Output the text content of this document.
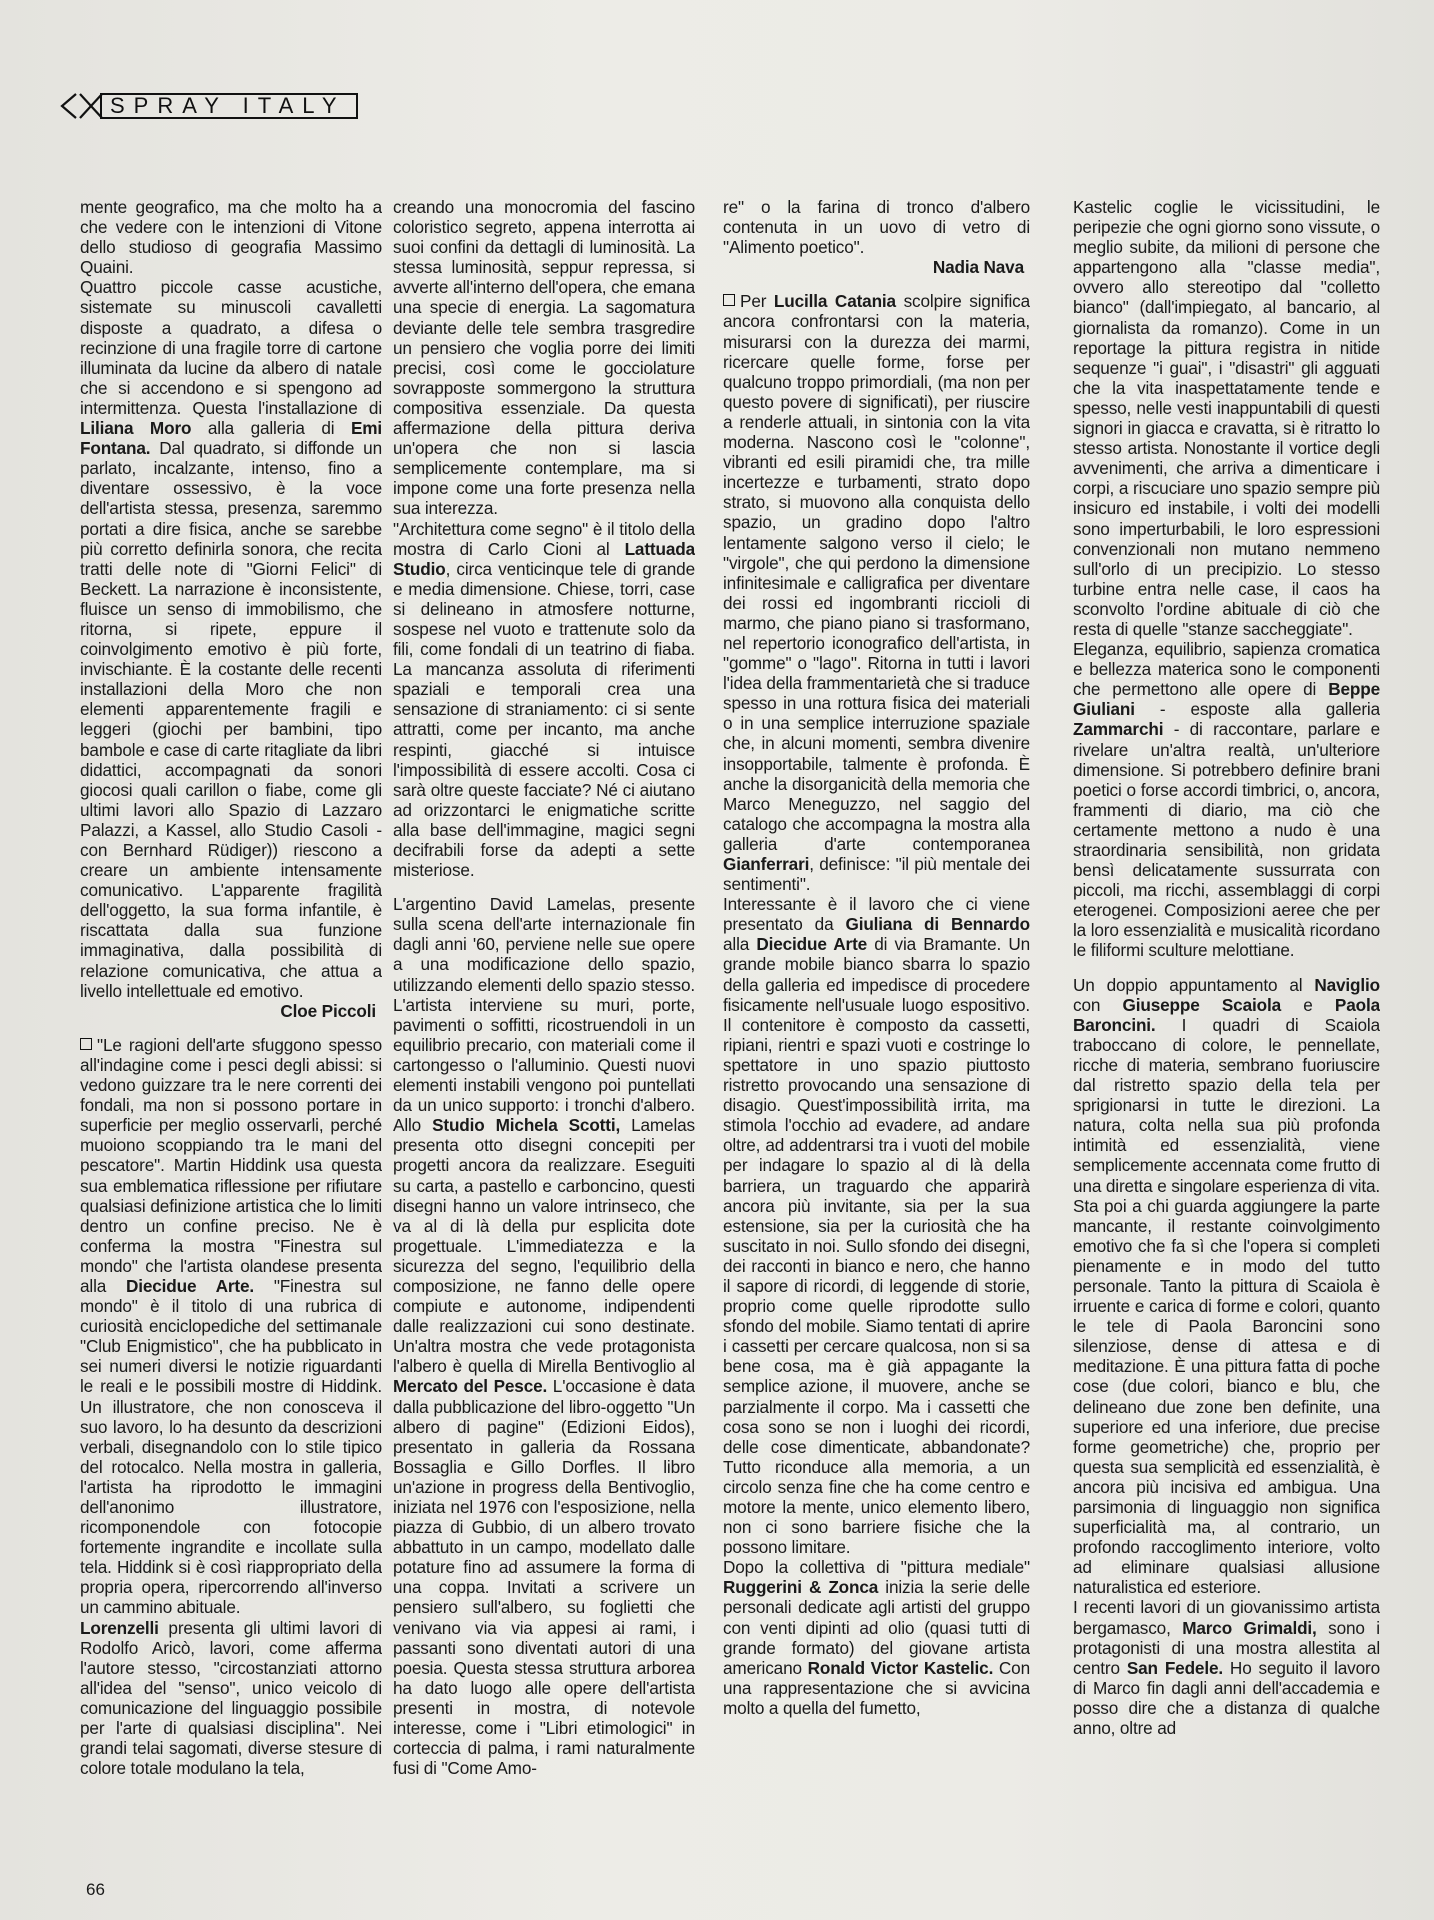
SPRAY ITALY

mente geografico, ma che molto ha a che vedere con le intenzioni di Vitone dello studioso di geografia Massimo Quaini.

Quattro piccole casse acustiche, sistemate su minuscoli cavalletti disposte a quadrato, a difesa o recinzione di una fragile torre di cartone illuminata da lucine da albero di natale che si accendono e si spengono ad intermittenza. Questa l'installazione di Liliana Moro alla galleria di Emi Fontana. Dal quadrato, si diffonde un parlato, incalzante, intenso, fino a diventare ossessivo, è la voce dell'artista stessa, presenza, saremmo portati a dire fisica, anche se sarebbe più corretto definirla sonora, che recita tratti delle note di "Giorni Felici" di Beckett. La narrazione è inconsistente, fluisce un senso di immobilismo, che ritorna, si ripete, eppure il coinvolgimento emotivo è più forte, invischiante. È la costante delle recenti installazioni della Moro che non elementi apparentemente fragili e leggeri (giochi per bambini, tipo bambole e case di carte ritagliate da libri didattici, accompagnati da sonori giocosi quali carillon o fiabe, come gli ultimi lavori allo Spazio di Lazzaro Palazzi, a Kassel, allo Studio Casoli - con Bernhard Rüdiger)) riescono a creare un ambiente intensamente comunicativo. L'apparente fragilità dell'oggetto, la sua forma infantile, è riscattata dalla sua funzione immaginativa, dalla possibilità di relazione comunicativa, che attua a livello intellettuale ed emotivo.

Cloe Piccoli

"Le ragioni dell'arte sfuggono spesso all'indagine come i pesci degli abissi: si vedono guizzare tra le nere correnti dei fondali, ma non si possono portare in superficie per meglio osservarli, perché muoiono scoppiando tra le mani del pescatore". Martin Hiddink usa questa sua emblematica riflessione per rifiutare qualsiasi definizione artistica che lo limiti dentro un confine preciso. Ne è conferma la mostra "Finestra sul mondo" che l'artista olandese presenta alla Diecidue Arte. "Finestra sul mondo" è il titolo di una rubrica di curiosità enciclopediche del settimanale "Club Enigmistico", che ha pubblicato in sei numeri diversi le notizie riguardanti le reali e le possibili mostre di Hiddink. Un illustratore, che non conosceva il suo lavoro, lo ha desunto da descrizioni verbali, disegnandolo con lo stile tipico del rotocalco. Nella mostra in galleria, l'artista ha riprodotto le immagini dell'anonimo illustratore, ricomponendole con fotocopie fortemente ingrandite e incollate sulla tela. Hiddink si è così riappropriato della propria opera, ripercorrendo all'inverso un cammino abituale.

Lorenzelli presenta gli ultimi lavori di Rodolfo Aricò, lavori, come afferma l'autore stesso, "circostanziati attorno all'idea del "senso", unico veicolo di comunicazione del linguaggio possibile per l'arte di qualsiasi disciplina". Nei grandi telai sagomati, diverse stesure di colore totale modulano la tela,

creando una monocromia del fascino coloristico segreto, appena interrotta ai suoi confini da dettagli di luminosità. La stessa luminosità, seppur repressa, si avverte all'interno dell'opera, che emana una specie di energia. La sagomatura deviante delle tele sembra trasgredire un pensiero che voglia porre dei limiti precisi, così come le gocciolature sovrapposte sommergono la struttura compositiva essenziale. Da questa affermazione della pittura deriva un'opera che non si lascia semplicemente contemplare, ma si impone come una forte presenza nella sua interezza.

"Architettura come segno" è il titolo della mostra di Carlo Cioni al Lattuada Studio, circa venticinque tele di grande e media dimensione. Chiese, torri, case si delineano in atmosfere notturne, sospese nel vuoto e trattenute solo da fili, come fondali di un teatrino di fiaba. La mancanza assoluta di riferimenti spaziali e temporali crea una sensazione di straniamento: ci si sente attratti, come per incanto, ma anche respinti, giacché si intuisce l'impossibilità di essere accolti. Cosa ci sarà oltre queste facciate? Né ci aiutano ad orizzontarci le enigmatiche scritte alla base dell'immagine, magici segni decifrabili forse da adepti a sette misteriose.

L'argentino David Lamelas, presente sulla scena dell'arte internazionale fin dagli anni '60, perviene nelle sue opere a una modificazione dello spazio, utilizzando elementi dello spazio stesso. L'artista interviene su muri, porte, pavimenti o soffitti, ricostruendoli in un equilibrio precario, con materiali come il cartongesso o l'alluminio. Questi nuovi elementi instabili vengono poi puntellati da un unico supporto: i tronchi d'albero. Allo Studio Michela Scotti, Lamelas presenta otto disegni concepiti per progetti ancora da realizzare. Eseguiti su carta, a pastello e carboncino, questi disegni hanno un valore intrinseco, che va al di là della pur esplicita dote progettuale. L'immediatezza e la sicurezza del segno, l'equilibrio della composizione, ne fanno delle opere compiute e autonome, indipendenti dalle realizzazioni cui sono destinate. Un'altra mostra che vede protagonista l'albero è quella di Mirella Bentivoglio al Mercato del Pesce. L'occasione è data dalla pubblicazione del libro-oggetto "Un albero di pagine" (Edizioni Eidos), presentato in galleria da Rossana Bossaglia e Gillo Dorfles. Il libro un'azione in progress della Bentivoglio, iniziata nel 1976 con l'esposizione, nella piazza di Gubbio, di un albero trovato abbattuto in un campo, modellato dalle potature fino ad assumere la forma di una coppa. Invitati a scrivere un pensiero sull'albero, su foglietti che venivano via via appesi ai rami, i passanti sono diventati autori di una poesia. Questa stessa struttura arborea ha dato luogo alle opere dell'artista presenti in mostra, di notevole interesse, come i "Libri etimologici" in corteccia di palma, i rami naturalmente fusi di "Come Amo-

re" o la farina di tronco d'albero contenuta in un uovo di vetro di "Alimento poetico".

Nadia Nava

Per Lucilla Catania scolpire significa ancora confrontarsi con la materia, misurarsi con la durezza dei marmi, ricercare quelle forme, forse per qualcuno troppo primordiali, (ma non per questo povere di significati), per riuscire a renderle attuali, in sintonia con la vita moderna. Nascono così le "colonne", vibranti ed esili piramidi che, tra mille incertezze e turbamenti, strato dopo strato, si muovono alla conquista dello spazio, un gradino dopo l'altro lentamente salgono verso il cielo; le "virgole", che qui perdono la dimensione infinitesimale e calligrafica per diventare dei rossi ed ingombranti riccioli di marmo, che piano piano si trasformano, nel repertorio iconografico dell'artista, in "gomme" o "lago". Ritorna in tutti i lavori l'idea della frammentarietà che si traduce spesso in una rottura fisica dei materiali o in una semplice interruzione spaziale che, in alcuni momenti, sembra divenire insopportabile, talmente è profonda. È anche la disorganicità della memoria che Marco Meneguzzo, nel saggio del catalogo che accompagna la mostra alla galleria d'arte contemporanea Gianferrari, definisce: "il più mentale dei sentimenti".

Interessante è il lavoro che ci viene presentato da Giuliana di Bennardo alla Diecidue Arte di via Bramante. Un grande mobile bianco sbarra lo spazio della galleria ed impedisce di procedere fisicamente nell'usuale luogo espositivo. Il contenitore è composto da cassetti, ripiani, rientri e spazi vuoti e costringe lo spettatore in uno spazio piuttosto ristretto provocando una sensazione di disagio. Quest'impossibilità irrita, ma stimola l'occhio ad evadere, ad andare oltre, ad addentrarsi tra i vuoti del mobile per indagare lo spazio al di là della barriera, un traguardo che apparirà ancora più invitante, sia per la sua estensione, sia per la curiosità che ha suscitato in noi. Sullo sfondo dei disegni, dei racconti in bianco e nero, che hanno il sapore di ricordi, di leggende di storie, proprio come quelle riprodotte sullo sfondo del mobile. Siamo tentati di aprire i cassetti per cercare qualcosa, non si sa bene cosa, ma è già appagante la semplice azione, il muovere, anche se parzialmente il corpo. Ma i cassetti che cosa sono se non i luoghi dei ricordi, delle cose dimenticate, abbandonate? Tutto riconduce alla memoria, a un circolo senza fine che ha come centro e motore la mente, unico elemento libero, non ci sono barriere fisiche che la possono limitare.

Dopo la collettiva di "pittura mediale" Ruggerini & Zonca inizia la serie delle personali dedicate agli artisti del gruppo con venti dipinti ad olio (quasi tutti di grande formato) del giovane artista americano Ronald Victor Kastelic. Con una rappresentazione che si avvicina molto a quella del fumetto,

Kastelic coglie le vicissitudini, le peripezie che ogni giorno sono vissute, o meglio subite, da milioni di persone che appartengono alla "classe media", ovvero allo stereotipo dal "colletto bianco" (dall'impiegato, al bancario, al giornalista da romanzo). Come in un reportage la pittura registra in nitide sequenze "i guai", i "disastri" gli agguati che la vita inaspettatamente tende e spesso, nelle vesti inappuntabili di questi signori in giacca e cravatta, si è ritratto lo stesso artista. Nonostante il vortice degli avvenimenti, che arriva a dimenticare i corpi, a riscuciare uno spazio sempre più insicuro ed instabile, i volti dei modelli sono imperturbabili, le loro espressioni convenzionali non mutano nemmeno sull'orlo di un precipizio. Lo stesso turbine entra nelle case, il caos ha sconvolto l'ordine abituale di ciò che resta di quelle "stanze saccheggiate".

Eleganza, equilibrio, sapienza cromatica e bellezza materica sono le componenti che permettono alle opere di Beppe Giuliani - esposte alla galleria Zammarchi - di raccontare, parlare e rivelare un'altra realtà, un'ulteriore dimensione. Si potrebbero definire brani poetici o forse accordi timbrici, o, ancora, frammenti di diario, ma ciò che certamente mettono a nudo è una straordinaria sensibilità, non gridata bensì delicatamente sussurrata con piccoli, ma ricchi, assemblaggi di corpi eterogenei. Composizioni aeree che per la loro essenzialità e musicalità ricordano le filiformi sculture melottiane.

Un doppio appuntamento al Naviglio con Giuseppe Scaiola e Paola Baroncini. I quadri di Scaiola traboccano di colore, le pennellate, ricche di materia, sembrano fuoriuscire dal ristretto spazio della tela per sprigionarsi in tutte le direzioni. La natura, colta nella sua più profonda intimità ed essenzialità, viene semplicemente accennata come frutto di una diretta e singolare esperienza di vita. Sta poi a chi guarda aggiungere la parte mancante, il restante coinvolgimento emotivo che fa sì che l'opera si completi pienamente e in modo del tutto personale. Tanto la pittura di Scaiola è irruente e carica di forme e colori, quanto le tele di Paola Baroncini sono silenziose, dense di attesa e di meditazione. È una pittura fatta di poche cose (due colori, bianco e blu, che delineano due zone ben definite, una superiore ed una inferiore, due precise forme geometriche) che, proprio per questa sua semplicità ed essenzialità, è ancora più incisiva ed ambigua. Una parsimonia di linguaggio non significa superficialità ma, al contrario, un profondo raccoglimento interiore, volto ad eliminare qualsiasi allusione naturalistica ed esteriore.

I recenti lavori di un giovanissimo artista bergamasco, Marco Grimaldi, sono i protagonisti di una mostra allestita al centro San Fedele. Ho seguito il lavoro di Marco fin dagli anni dell'accademia e posso dire che a distanza di qualche anno, oltre ad

66
